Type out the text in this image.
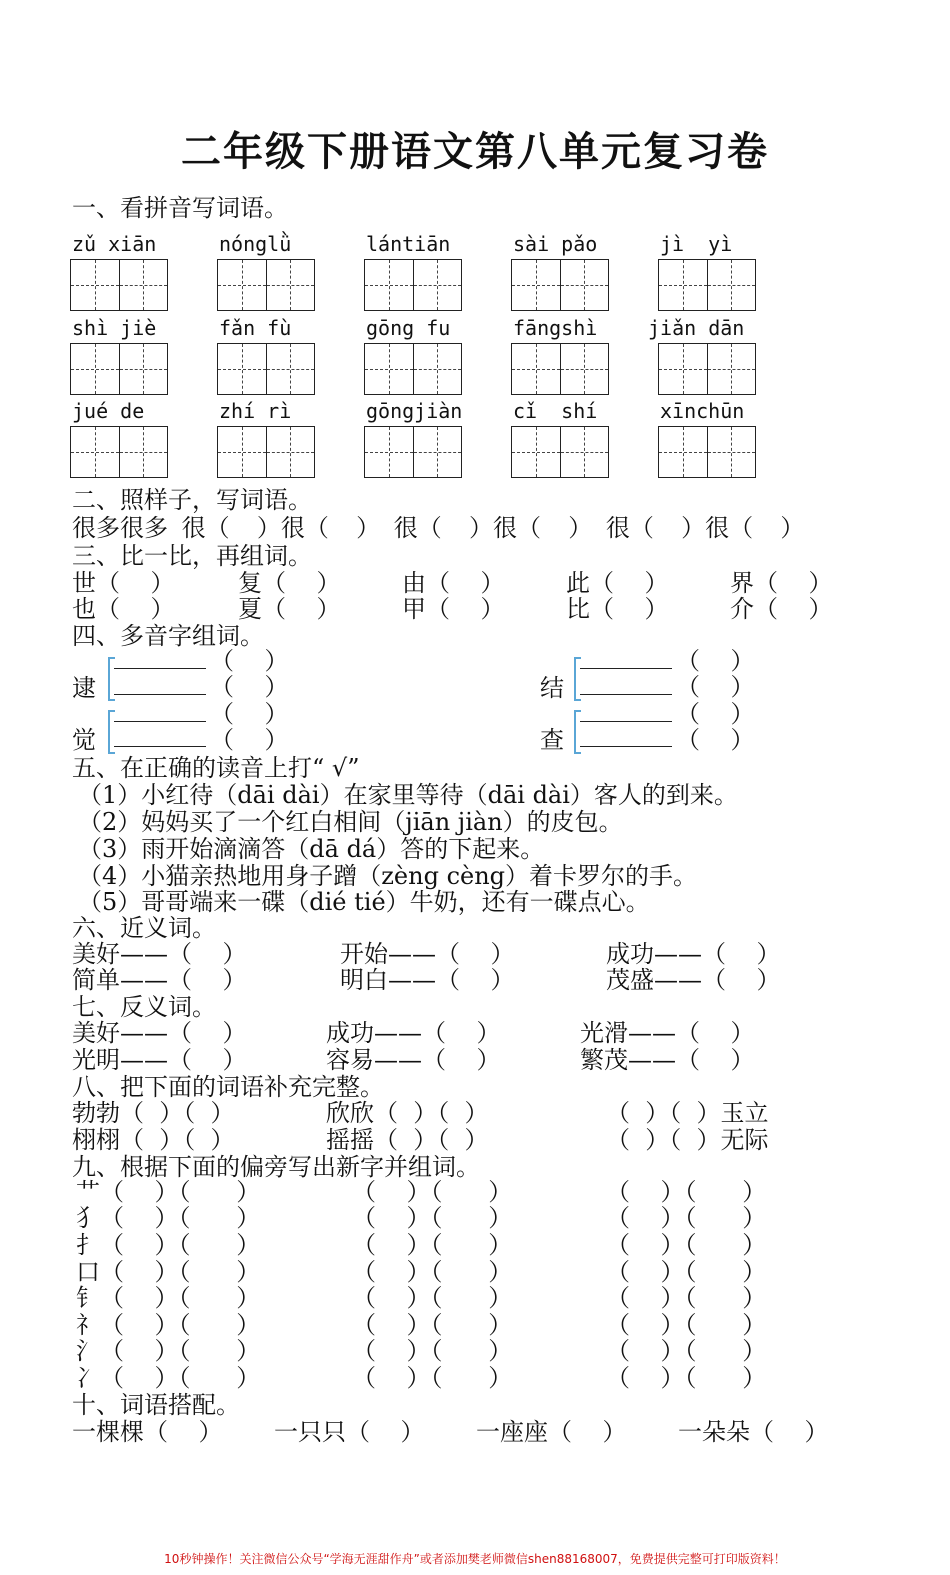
二年级下册语文第八单元复习卷
一、看拼音写词语。
zǔ xiān	nónglǜ	lántiān	sài pǎo	jì  yì
shì jiè	fǎn fù	gōng fu	fāngshì	jiǎn dān
jué de	zhí rì	gōngjiàn	cǐ  shí	xīnchūn
二、照样子，写词语。
很多很多 很（  ）很（  ） 很（  ）很（  ） 很（  ）很（  ）
三、比一比，再组词。
世（    ）	复（    ）	由（    ）	此（    ）	界（    ）
也（    ）	夏（    ）	甲（    ）	比（    ）	介（    ）
四、多音字组词。
逮
（    ）
（    ）
觉
（    ）
（    ）
结
（    ）
（    ）
查
（    ）
（    ）
五、在正确的读音上打“ √”
（1）小红待（dāi dài）在家里等待（dāi dài）客人的到来。
（2）妈妈买了一个红白相间（jiān jiàn）的皮包。
（3）雨开始滴滴答（dā dá）答的下起来。
（4）小猫亲热地用身子蹭（zèng cèng）着卡罗尔的手。
（5）哥哥端来一碟（dié tié）牛奶，还有一碟点心。
六、近义词。
美好——（    ）	开始——（    ）	成功——（    ）
简单——（    ）	明白——（    ）	茂盛——（    ）
七、反义词。
美好——（    ）	成功——（    ）	光滑——（    ）
光明——（    ）	容易——（    ）	繁茂——（    ）
八、把下面的词语补充完整。
勃勃（  ）（  ）	欣欣（  ）（  ）	（  ）（  ）玉立
栩栩（  ）（  ）	摇摇（  ）（  ）	（  ）（  ）无际
九、根据下面的偏旁写出新字并组词。
艹 （    ）（      ）	（    ）（      ）	（    ）（      ）
犭 （    ）（      ）	（    ）（      ）	（    ）（      ）
扌 （    ）（      ）	（    ）（      ）	（    ）（      ）
口 （    ）（      ）	（    ）（      ）	（    ）（      ）
钅 （    ）（      ）	（    ）（      ）	（    ）（      ）
礻 （    ）（      ）	（    ）（      ）	（    ）（      ）
氵 （    ）（      ）	（    ）（      ）	（    ）（      ）
冫 （    ）（      ）	（    ）（      ）	（    ）（      ）
十、词语搭配。
一棵棵（    ） 一只只（    ） 一座座（    ） 一朵朵（    ）
10秒钟操作！关注微信公众号“学海无涯甜作舟”或者添加樊老师微信shen88168007，免费提供完整可打印版资料！
